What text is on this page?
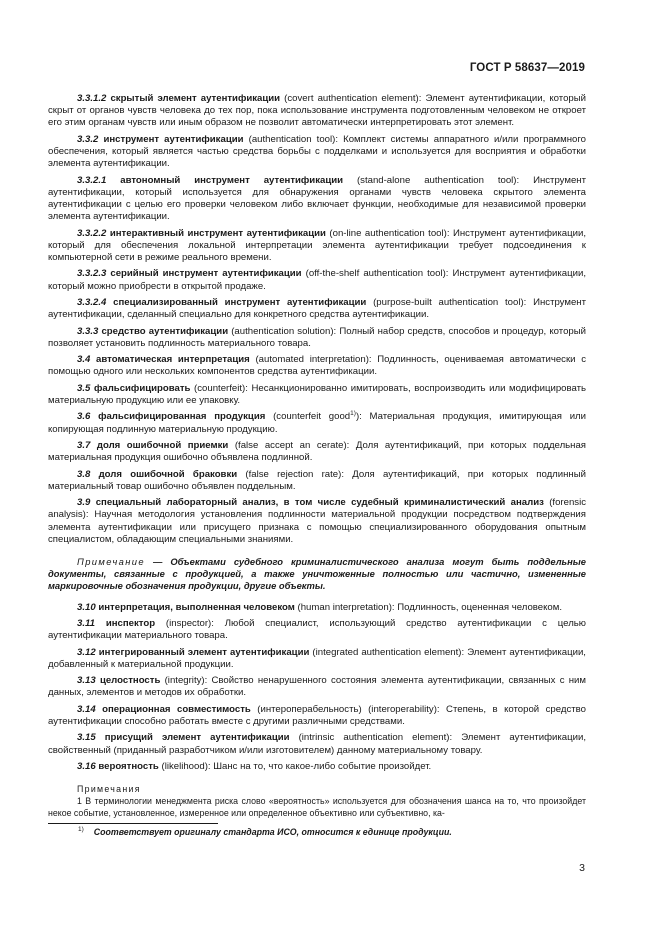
ГОСТ Р 58637—2019

3.3.1.2 скрытый элемент аутентификации (covert authentication element): Элемент аутентификации, который скрыт от органов чувств человека до тех пор, пока использование инструмента подготовленным человеком не откроет его этим органам чувств или иным образом не позволит автоматически интерпретировать этот элемент.

3.3.2 инструмент аутентификации (authentication tool): Комплект системы аппаратного и/или программного обеспечения, который является частью средства борьбы с подделками и используется для восприятия и обработки элемента аутентификации.

3.3.2.1 автономный инструмент аутентификации (stand-alone authentication tool): Инструмент аутентификации, который используется для обнаружения органами чувств человека скрытого элемента аутентификации с целью его проверки человеком либо включает функции, необходимые для независимой проверки элемента аутентификации.

3.3.2.2 интерактивный инструмент аутентификации (on-line authentication tool): Инструмент аутентификации, который для обеспечения локальной интерпретации элемента аутентификации требует подсоединения к компьютерной сети в режиме реального времени.

3.3.2.3 серийный инструмент аутентификации (off-the-shelf authentication tool): Инструмент аутентификации, который можно приобрести в открытой продаже.

3.3.2.4 специализированный инструмент аутентификации (purpose-built authentication tool): Инструмент аутентификации, сделанный специально для конкретного средства аутентификации.

3.3.3 средство аутентификации (authentication solution): Полный набор средств, способов и процедур, который позволяет установить подлинность материального товара.

3.4 автоматическая интерпретация (automated interpretation): Подлинность, оцениваемая автоматически с помощью одного или нескольких компонентов средства аутентификации.

3.5 фальсифицировать (counterfeit): Несанкционированно имитировать, воспроизводить или модифицировать материальную продукцию или ее упаковку.

3.6 фальсифицированная продукция (counterfeit good$^{1)}$): Материальная продукция, имитирующая или копирующая подлинную материальную продукцию.

3.7 доля ошибочной приемки (false accept an cerate): Доля аутентификаций, при которых поддельная материальная продукция ошибочно объявлена подлинной.

3.8 доля ошибочной браковки (false rejection rate): Доля аутентификаций, при которых подлинный материальный товар ошибочно объявлен поддельным.

3.9 специальный лабораторный анализ, в том числе судебный криминалистический анализ (forensic analysis): Научная методология установления подлинности материальной продукции посредством подтверждения элемента аутентификации или присущего признака с помощью специализированного оборудования опытным специалистом, обладающим специальными знаниями.

Примечание — Объектами судебного криминалистического анализа могут быть поддельные документы, связанные с продукцией, а также уничтоженные полностью или частично, измененные маркировочные обозначения продукции, другие объекты.

3.10 интерпретация, выполненная человеком (human interpretation): Подлинность, оцененная человеком.

3.11 инспектор (inspector): Любой специалист, использующий средство аутентификации с целью аутентификации материального товара.

3.12 интегрированный элемент аутентификации (integrated authentication element): Элемент аутентификации, добавленный к материальной продукции.

3.13 целостность (integrity): Свойство ненарушенного состояния элемента аутентификации, связанных с ним данных, элементов и методов их обработки.

3.14 операционная совместимость (интероперабельность) (interoperability): Степень, в которой средство аутентификации способно работать вместе с другими различными средствами.

3.15 присущий элемент аутентификации (intrinsic authentication element): Элемент аутентификации, свойственный (приданный разработчиком и/или изготовителем) данному материальному товару.

3.16 вероятность (likelihood): Шанс на то, что какое-либо событие произойдет.

Примечания

1 В терминологии менеджмента риска слово «вероятность» используется для обозначения шанса на то, что произойдет некое событие, установленное, измеренное или определенное объективно или субъективно, ка-

$^{1)}$ Соответствует оригиналу стандарта ИСО, относится к единице продукции.
3
